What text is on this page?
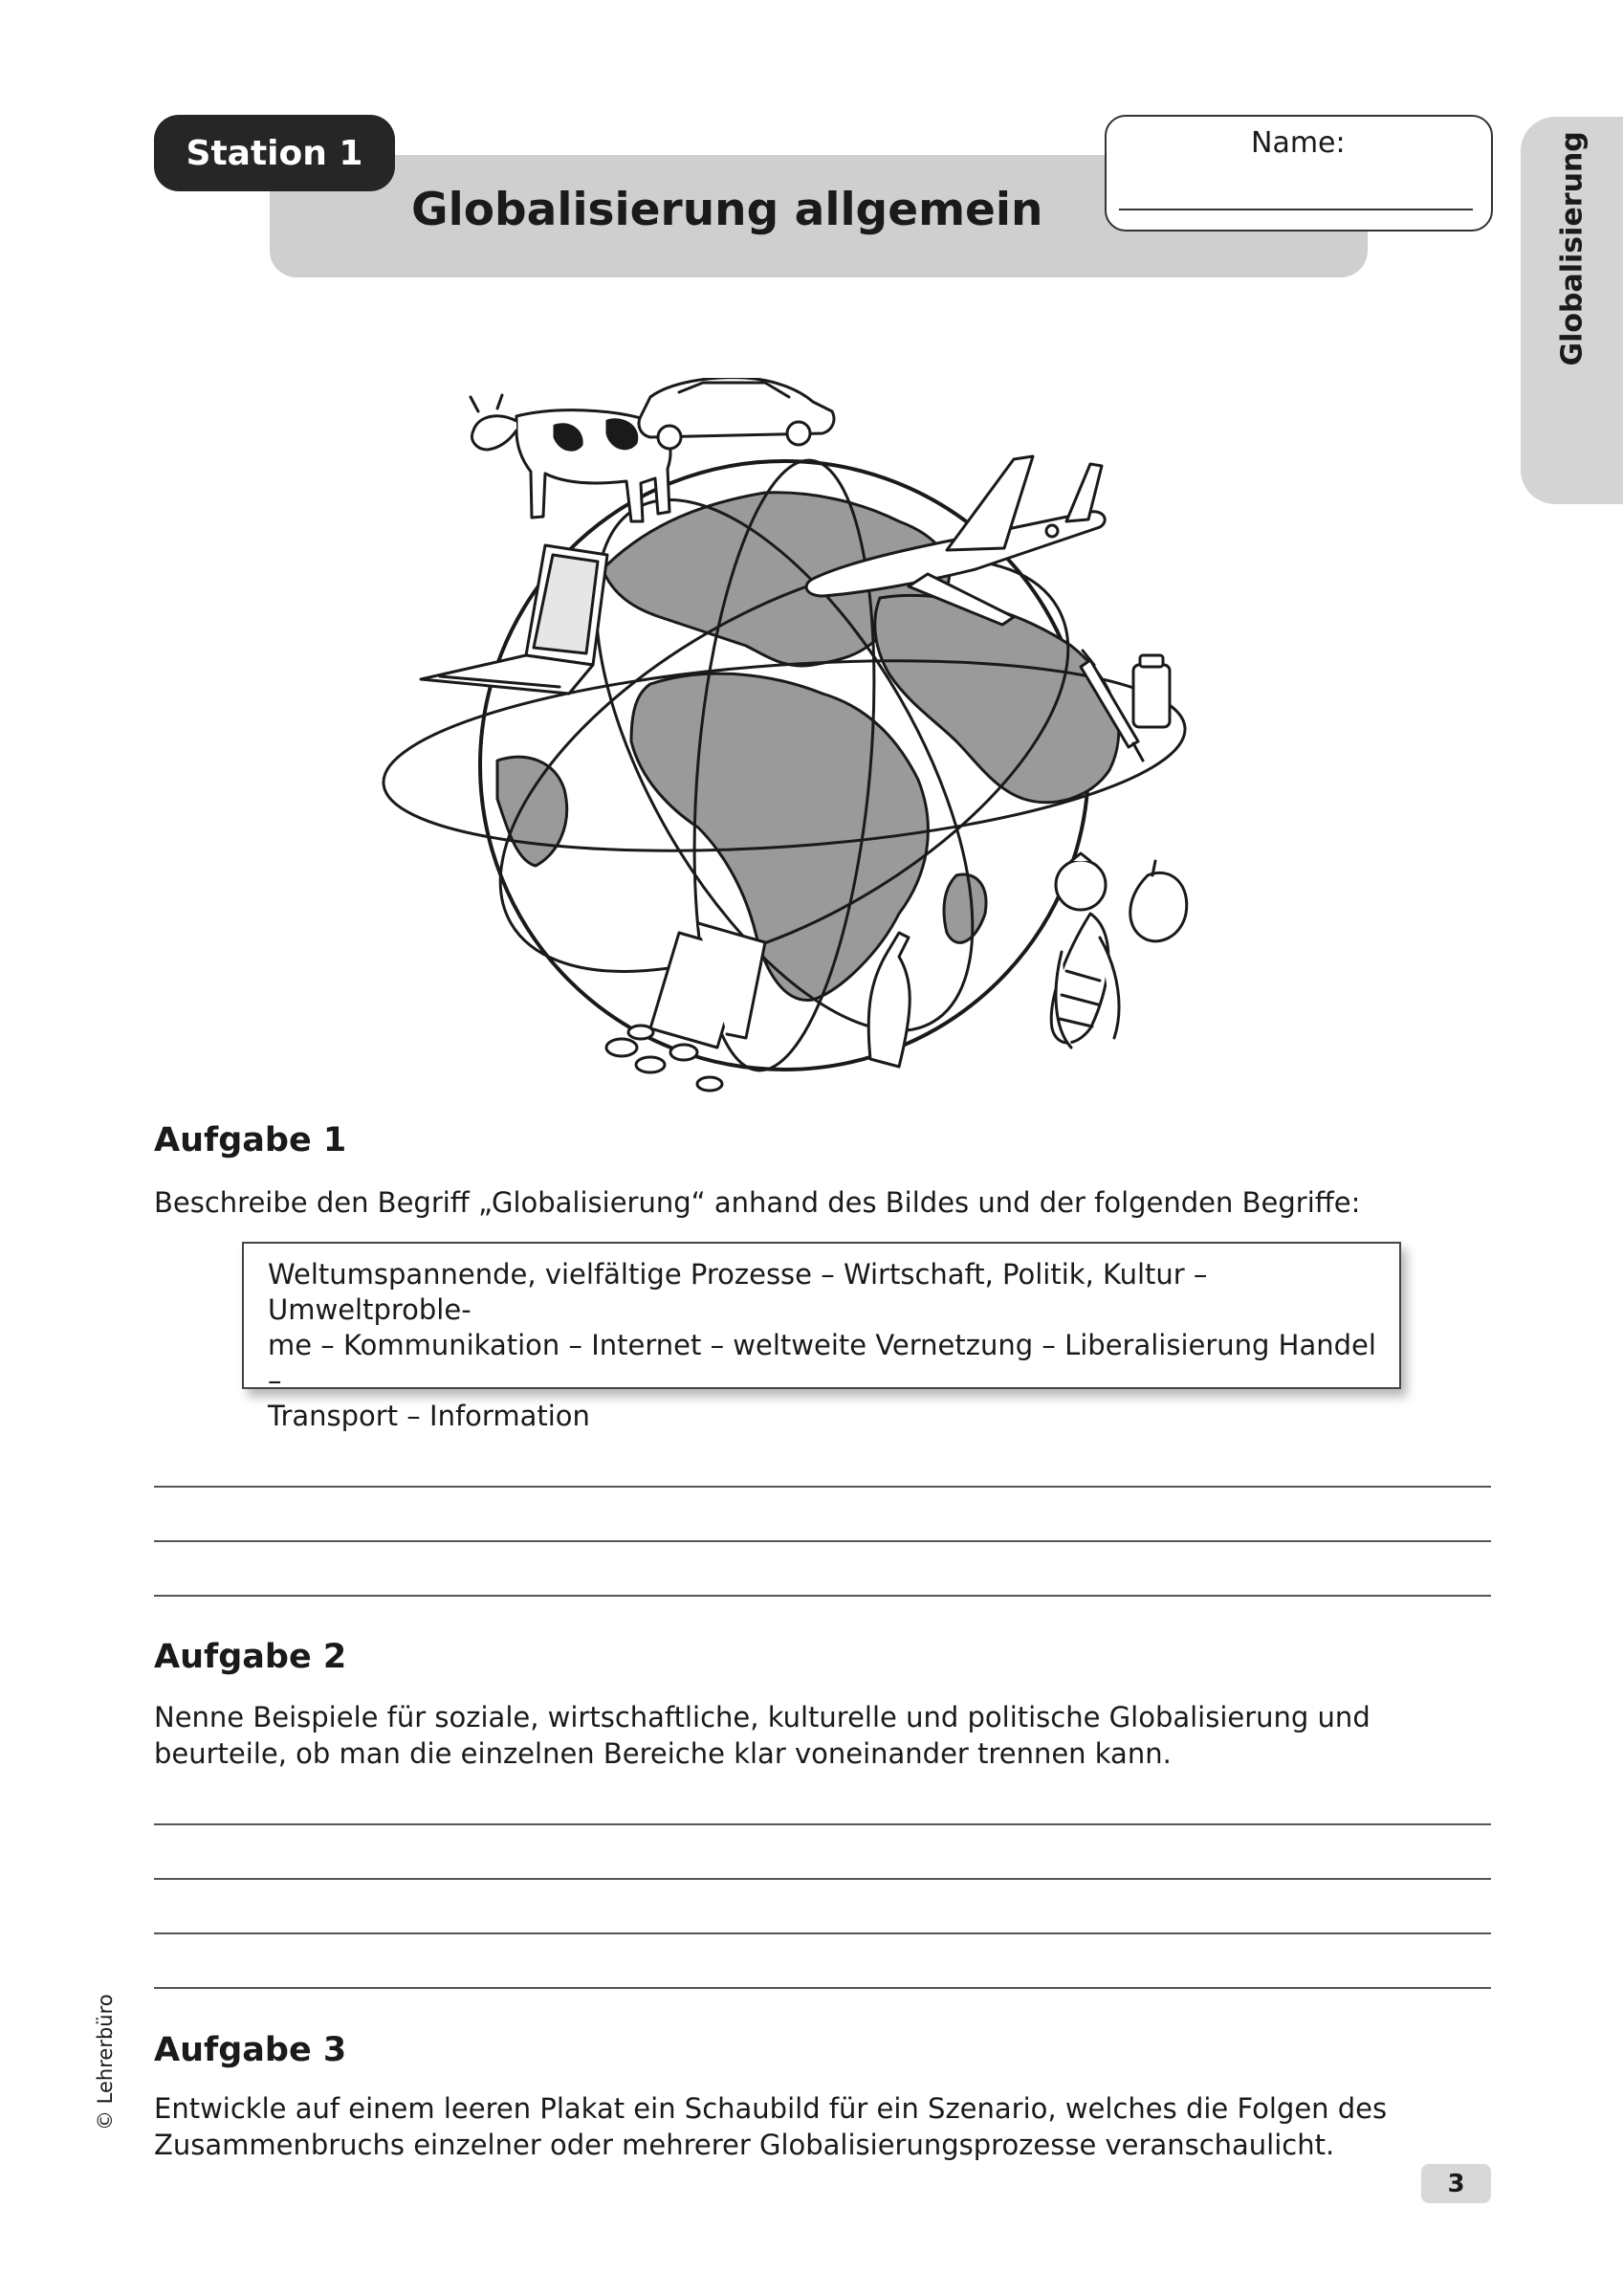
Station 1
Globalisierung allgemein
Name:
Aufgabe 1
Beschreibe den Begriff „Globalisierung“ anhand des Bildes und der folgenden Begriffe:
Weltumspannende, vielfältige Prozesse – Wirtschaft, Politik, Kultur – Umweltproble-
me – Kommunikation – Internet – weltweite Vernetzung – Liberalisierung Handel –
Transport – Information
Aufgabe 2
Nenne Beispiele für soziale, wirtschaftliche, kulturelle und politische Globalisierung und beurteile, ob man die einzelnen Bereiche klar voneinander trennen kann.
Aufgabe 3
Entwickle auf einem leeren Plakat ein Schaubild für ein Szenario, welches die Folgen des Zusammenbruchs einzelner oder mehrerer Globalisierungsprozesse veranschaulicht.
© Lehrerbüro
3
